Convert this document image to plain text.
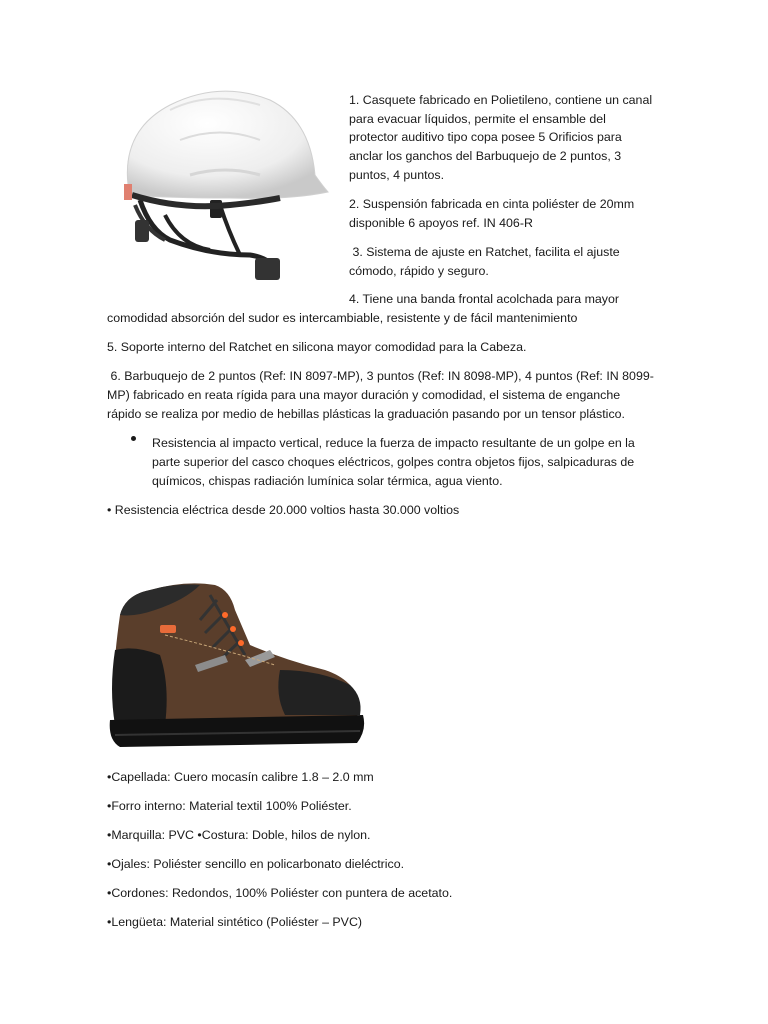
1. Casquete fabricado en Polietileno, contiene un canal
para evacuar líquidos, permite el ensamble del
protector auditivo tipo copa posee 5 Orificios para
anclar los ganchos del Barbuquejo de 2 puntos, 3
puntos, 4 puntos.
2. Suspensión fabricada en cinta poliéster de 20mm
disponible 6 apoyos ref. IN 406-R
3. Sistema de ajuste en Ratchet, facilita el ajuste
cómodo, rápido y seguro.
4. Tiene una banda frontal acolchada para mayor
comodidad absorción del sudor es intercambiable, resistente y de fácil mantenimiento
5. Soporte interno del Ratchet en silicona mayor comodidad para la Cabeza.
6. Barbuquejo de 2 puntos (Ref: IN 8097-MP), 3 puntos (Ref: IN 8098-MP), 4 puntos (Ref: IN 8099-
MP) fabricado en reata rígida para una mayor duración y comodidad, el sistema de enganche
rápido se realiza por medio de hebillas plásticas la graduación pasando por un tensor plástico.
Resistencia al impacto vertical, reduce la fuerza de impacto resultante de un golpe en la
parte superior del casco choques eléctricos, golpes contra objetos fijos, salpicaduras de
químicos, chispas radiación lumínica solar térmica, agua viento.
• Resistencia eléctrica desde 20.000 voltios hasta 30.000 voltios
•Capellada: Cuero mocasín calibre 1.8 – 2.0 mm
•Forro interno: Material textil 100% Poliéster.
•Marquilla: PVC •Costura: Doble, hilos de nylon.
•Ojales: Poliéster sencillo en policarbonato dieléctrico.
•Cordones: Redondos, 100% Poliéster con puntera de acetato.
•Lengüeta: Material sintético (Poliéster – PVC)
